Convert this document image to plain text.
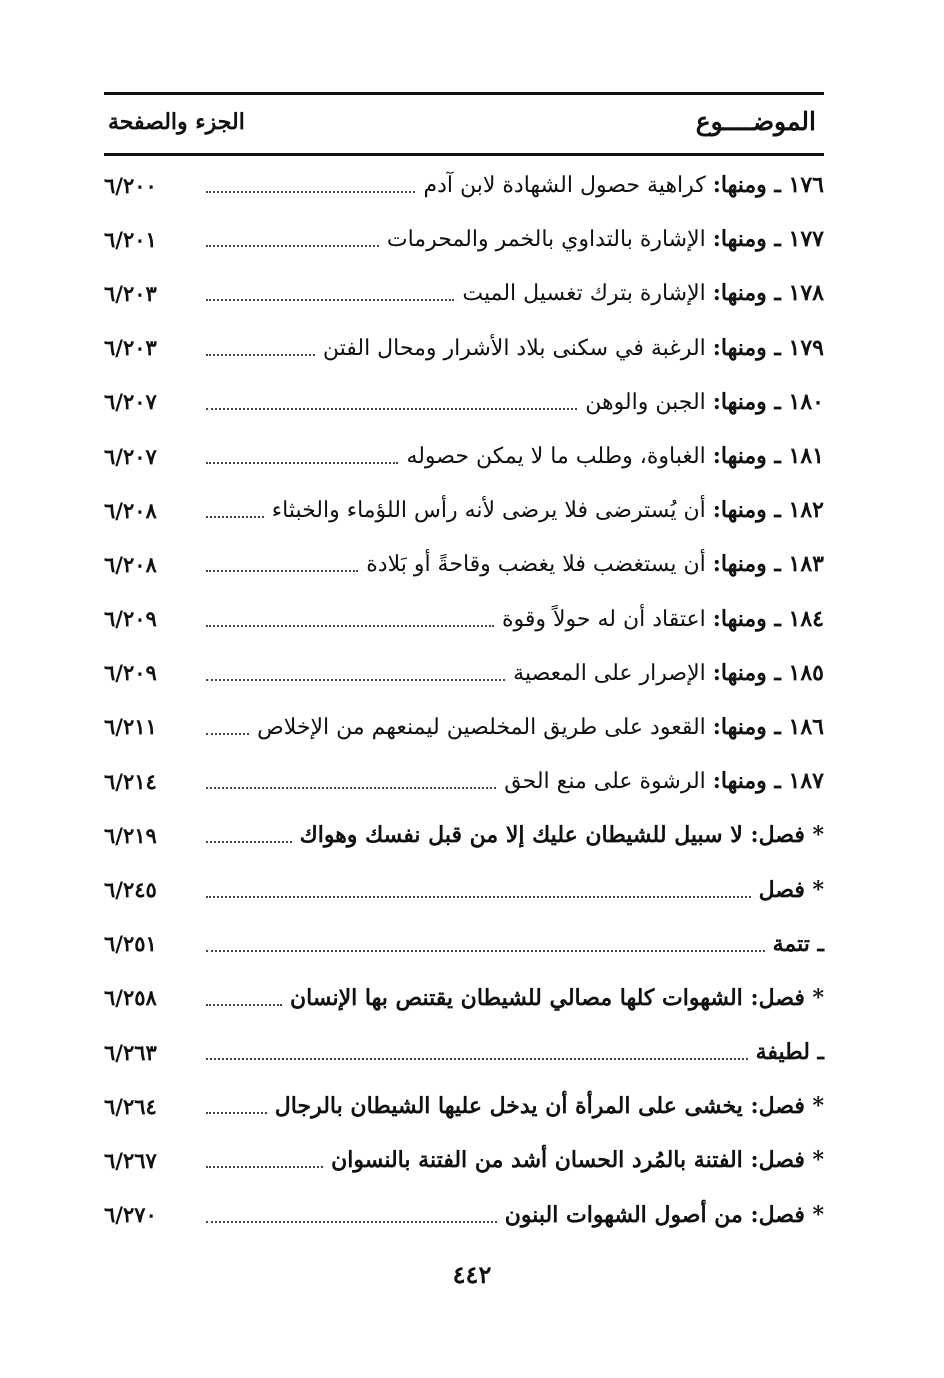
الموضــــوع
الجزء والصفحة
١٧٦ ـ ومنها: كراهية حصول الشهادة لابن آدم
٦/٢٠٠
١٧٧ ـ ومنها: الإشارة بالتداوي بالخمر والمحرمات
٦/٢٠١
١٧٨ ـ ومنها: الإشارة بترك تغسيل الميت
٦/٢٠٣
١٧٩ ـ ومنها: الرغبة في سكنى بلاد الأشرار ومحال الفتن
٦/٢٠٣
١٨٠ ـ ومنها: الجبن والوهن
٦/٢٠٧
١٨١ ـ ومنها: الغباوة، وطلب ما لا يمكن حصوله
٦/٢٠٧
١٨٢ ـ ومنها: أن يُسترضى فلا يرضى لأنه رأس اللؤماء والخبثاء
٦/٢٠٨
١٨٣ ـ ومنها: أن يستغضب فلا يغضب وقاحةً أو بَلادة
٦/٢٠٨
١٨٤ ـ ومنها: اعتقاد أن له حولاً وقوة
٦/٢٠٩
١٨٥ ـ ومنها: الإصرار على المعصية
٦/٢٠٩
١٨٦ ـ ومنها: القعود على طريق المخلصين ليمنعهم من الإخلاص
٦/٢١١
١٨٧ ـ ومنها: الرشوة على منع الحق
٦/٢١٤
* فصل: لا سبيل للشيطان عليك إلا من قبل نفسك وهواك
٦/٢١٩
* فصل
٦/٢٤٥
ـ تتمة
٦/٢٥١
* فصل: الشهوات كلها مصالي للشيطان يقتنص بها الإنسان
٦/٢٥٨
ـ لطيفة
٦/٢٦٣
* فصل: يخشى على المرأة أن يدخل عليها الشيطان بالرجال
٦/٢٦٤
* فصل: الفتنة بالمُرد الحسان أشد من الفتنة بالنسوان
٦/٢٦٧
* فصل: من أصول الشهوات البنون
٦/٢٧٠
٤٤٢
